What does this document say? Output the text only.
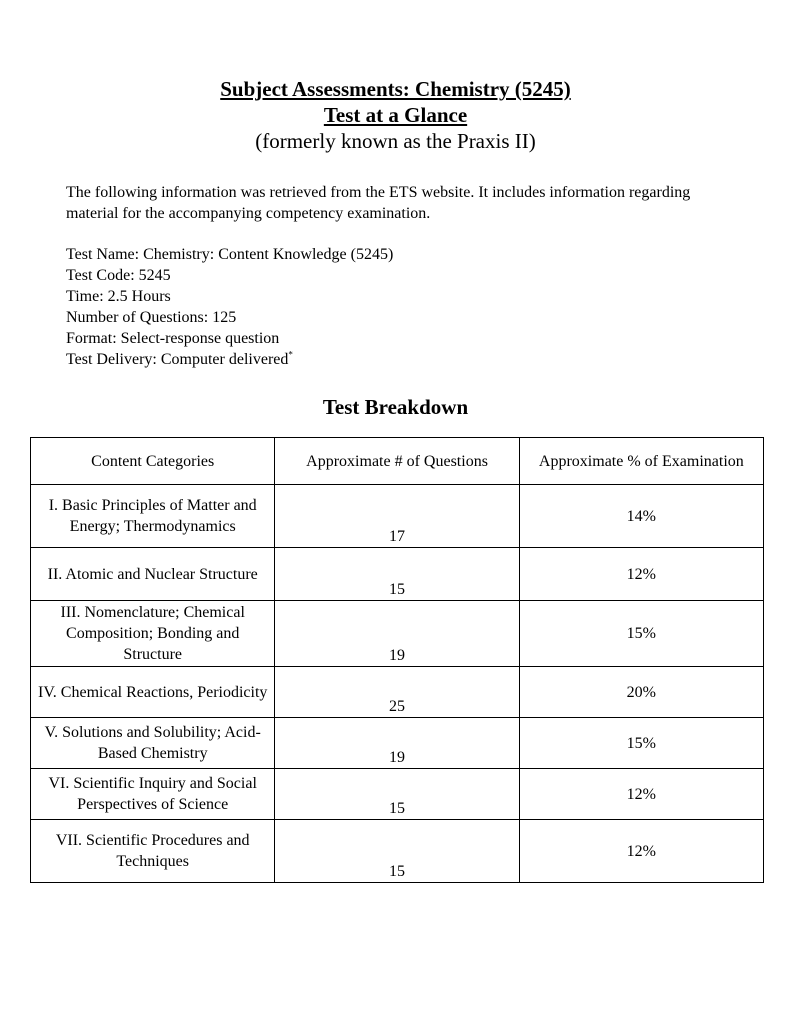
Subject Assessments: Chemistry (5245)

Test at a Glance

(formerly known as the Praxis II)

The following information was retrieved from the ETS website. It includes information regarding material for the accompanying competency examination.

Test Name: Chemistry: Content Knowledge (5245)
Test Code: 5245
Time: 2.5 Hours
Number of Questions: 125
Format: Select-response question
Test Delivery: Computer delivered*
Test Breakdown
Content Categories	Approximate # of Questions	Approximate % of Examination
I. Basic Principles of Matter and Energy; Thermodynamics	17	14%
II. Atomic and Nuclear Structure	15	12%
III. Nomenclature; Chemical Composition; Bonding and Structure	19	15%
IV. Chemical Reactions, Periodicity	25	20%
V. Solutions and Solubility; Acid-Based Chemistry	19	15%
VI. Scientific Inquiry and Social Perspectives of Science	15	12%
VII. Scientific Procedures and Techniques	15	12%
